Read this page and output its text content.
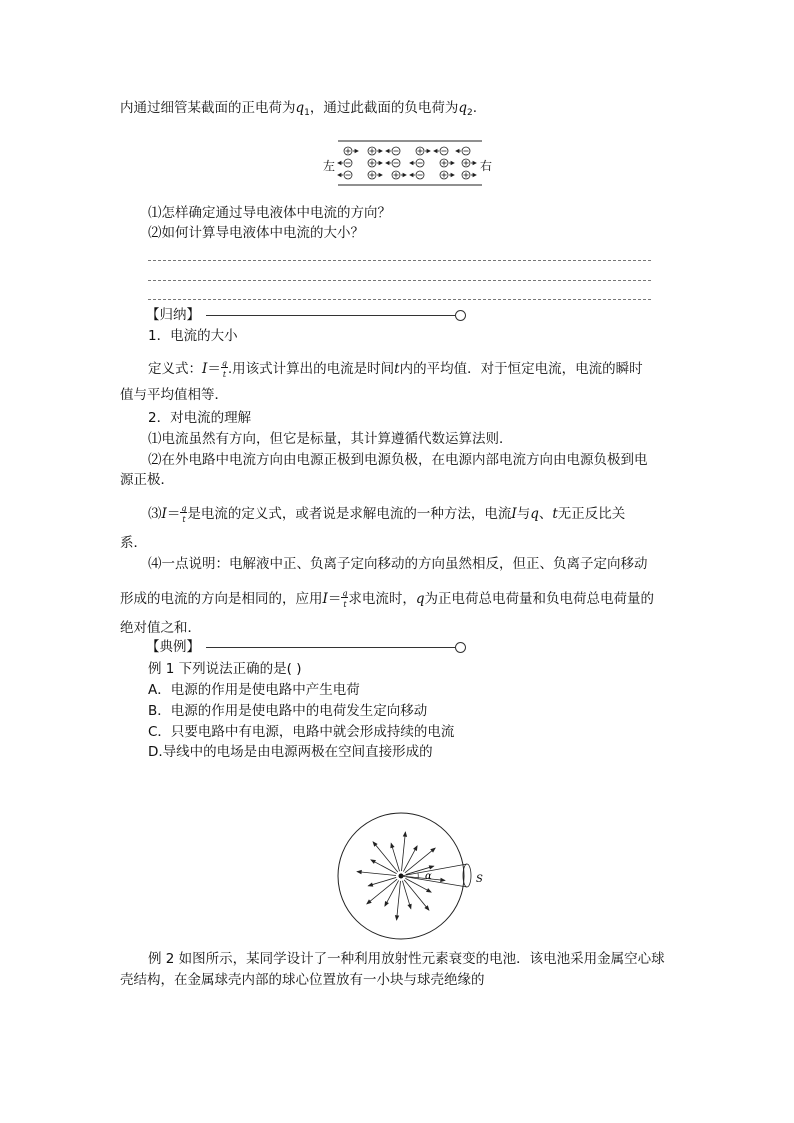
内通过细管某截面的正电荷为$q_1$，通过此截面的负电荷为$q_2$.
左	右
⑴怎样确定通过导电液体中电流的方向？
⑵如何计算导电液体中电流的大小？
【归纳】
1．电流的大小
定义式：I＝ q
t .用该式计算出的电流是时间t内的平均值．对于恒定电流，电流的瞬时
值与平均值相等．
2．对电流的理解
⑴电流虽然有方向，但它是标量，其计算遵循代数运算法则．
⑵在外电路中电流方向由电源正极到电源负极，在电源内部电流方向由电源负极到电
源正极．
⑶I＝ q
t 是电流的定义式，或者说是求解电流的一种方法，电流I与q、t无正反比关
系．
⑷一点说明：电解液中正、负离子定向移动的方向虽然相反，但正、负离子定向移动
形成的电流的方向是相同的，应用I＝ q
t 求电流时，q为正电荷总电荷量和负电荷总电荷量的
绝对值之和．
【典例】
例 1 下列说法正确的是( )
A．电源的作用是使电路中产生电荷
B．电源的作用是使电路中的电荷发生定向移动
C．只要电路中有电源，电路中就会形成持续的电流
D.导线中的电场是由电源两极在空间直接形成的
α	S
例 2 如图所示，某同学设计了一种利用放射性元素衰变的电池．该电池采用金属空心球
壳结构，在金属球壳内部的球心位置放有一小块与球壳绝缘的
